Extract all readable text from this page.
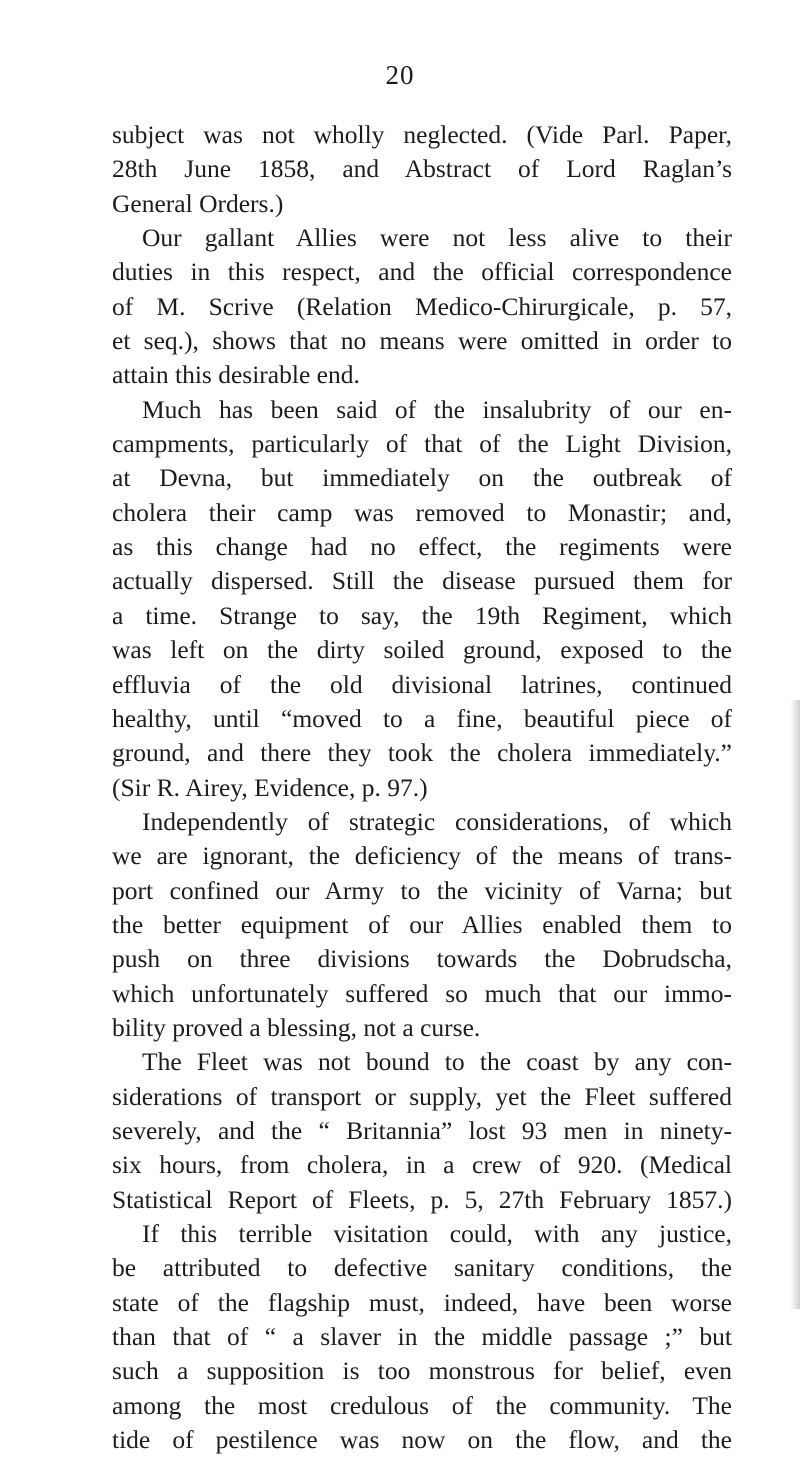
20
subject was not wholly neglected. (Vide Parl. Paper,
28th June 1858, and Abstract of Lord Raglan’s
General Orders.)
Our gallant Allies were not less alive to their
duties in this respect, and the official correspondence
of M. Scrive (Relation Medico-Chirurgicale, p. 57,
et seq.), shows that no means were omitted in order to
attain this desirable end.
Much has been said of the insalubrity of our en-
campments, particularly of that of the Light Division,
at Devna, but immediately on the outbreak of
cholera their camp was removed to Monastir; and,
as this change had no effect, the regiments were
actually dispersed. Still the disease pursued them for
a time. Strange to say, the 19th Regiment, which
was left on the dirty soiled ground, exposed to the
effluvia of the old divisional latrines, continued
healthy, until “moved to a fine, beautiful piece of
ground, and there they took the cholera immediately.”
(Sir R. Airey, Evidence, p. 97.)
Independently of strategic considerations, of which
we are ignorant, the deficiency of the means of trans-
port confined our Army to the vicinity of Varna; but
the better equipment of our Allies enabled them to
push on three divisions towards the Dobrudscha,
which unfortunately suffered so much that our immo-
bility proved a blessing, not a curse.
The Fleet was not bound to the coast by any con-
siderations of transport or supply, yet the Fleet suffered
severely, and the “ Britannia” lost 93 men in ninety-
six hours, from cholera, in a crew of 920. (Medical
Statistical Report of Fleets, p. 5, 27th February 1857.)
If this terrible visitation could, with any justice,
be attributed to defective sanitary conditions, the
state of the flagship must, indeed, have been worse
than that of “ a slaver in the middle passage ;” but
such a supposition is too monstrous for belief, even
among the most credulous of the community. The
tide of pestilence was now on the flow, and the
